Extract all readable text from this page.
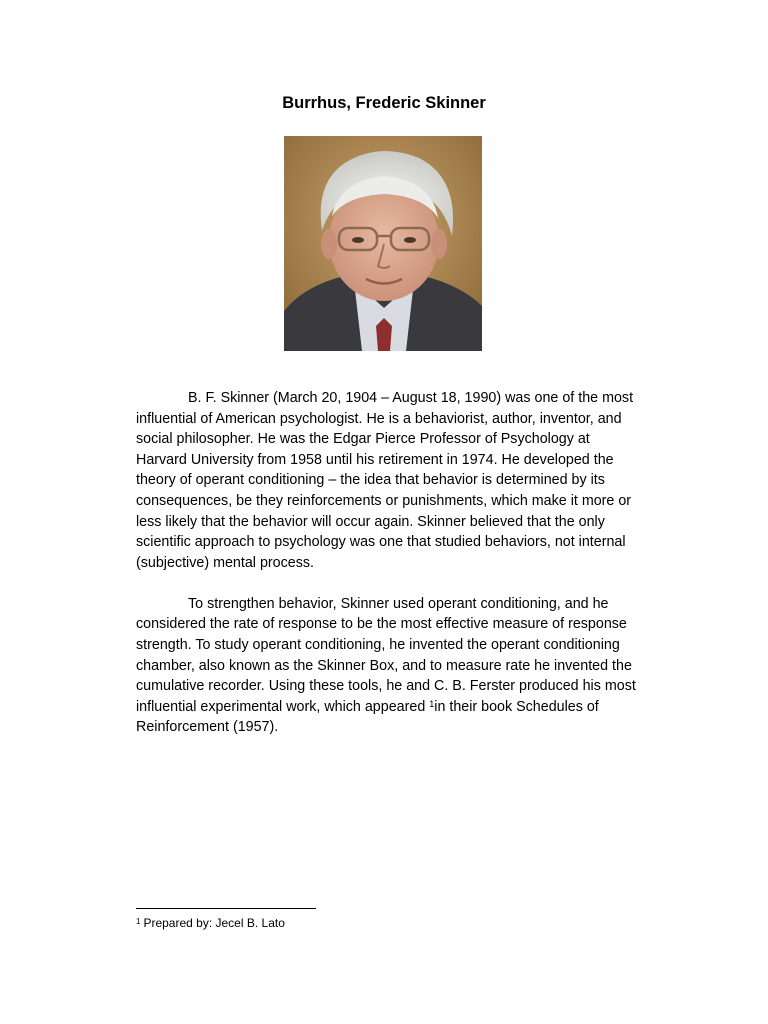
Burrhus, Frederic Skinner

B. F. Skinner (March 20, 1904 – August 18, 1990) was one of the most influential of American psychologist. He is a behaviorist, author, inventor, and social philosopher. He was the Edgar Pierce Professor of Psychology at Harvard University from 1958 until his retirement in 1974. He developed the theory of operant conditioning – the idea that behavior is determined by its consequences, be they reinforcements or punishments, which make it more or less likely that the behavior will occur again. Skinner believed that the only scientific approach to psychology was one that studied behaviors, not internal (subjective) mental process.

To strengthen behavior, Skinner used operant conditioning, and he considered the rate of response to be the most effective measure of response strength. To study operant conditioning, he invented the operant conditioning chamber, also known as the Skinner Box, and to measure rate he invented the cumulative recorder. Using these tools, he and C. B. Ferster produced his most influential experimental work, which appeared $^1$in their book Schedules of Reinforcement (1957).

$^1$ Prepared by: Jecel B. Lato
